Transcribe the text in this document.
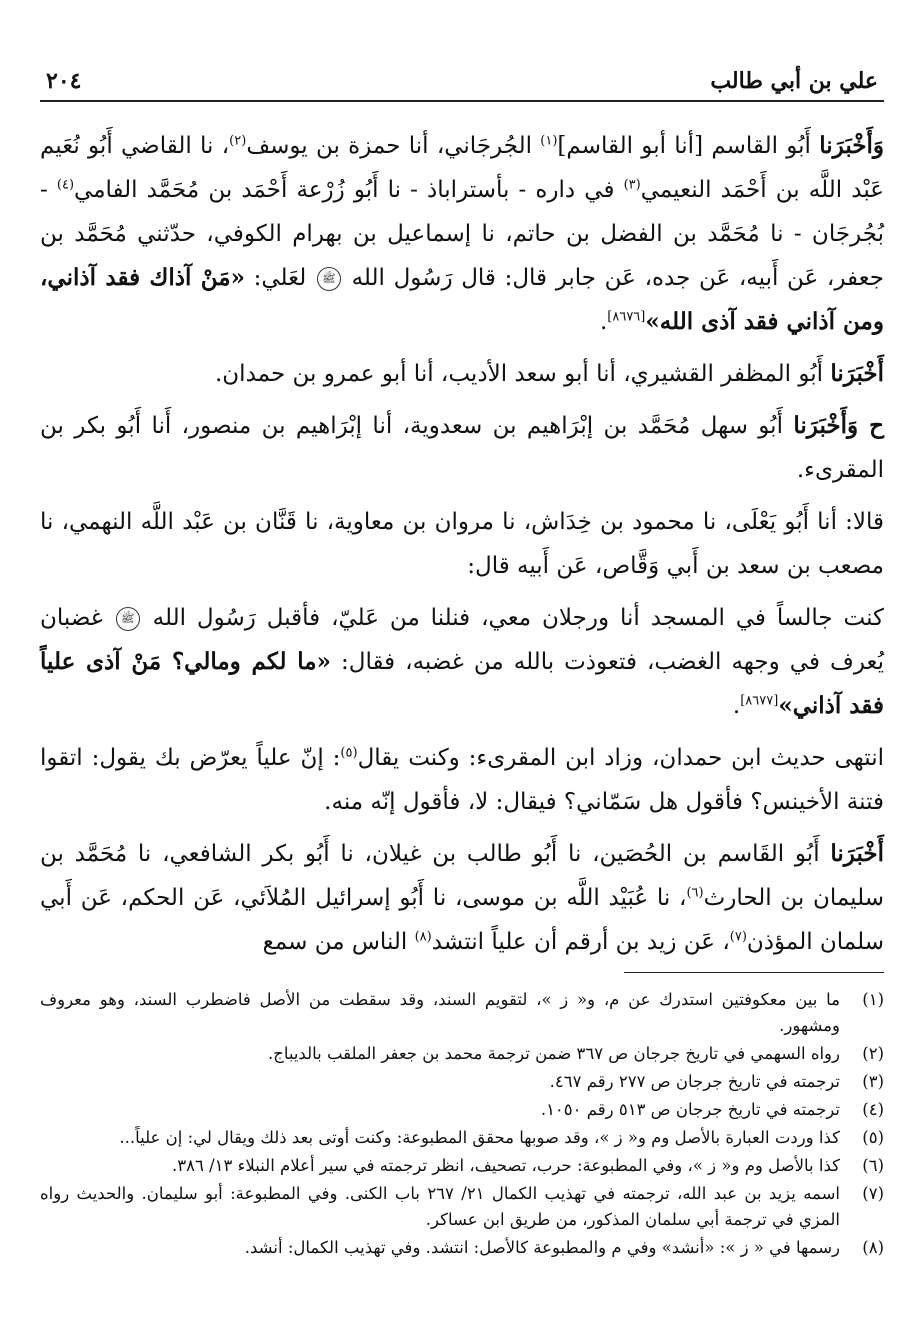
علي بن أبي طالب
٢٠٤

وَأَخْبَرَنا أَبُو القاسم [أنا أبو القاسم]$^{(١)}$ الجُرجَاني، أنا حمزة بن يوسف$^{(٢)}$، نا القاضي أَبُو نُعَيم عَبْد اللَّه بن أَحْمَد النعيمي$^{(٣)}$ في داره - بأستراباذ - نا أَبُو زُرْعة أَحْمَد بن مُحَمَّد الفامي$^{(٤)}$ - بُجُرجَان - نا مُحَمَّد بن الفضل بن حاتم، نا إسماعيل بن بهرام الكوفي، حدّثني مُحَمَّد بن جعفر، عَن أَبيه، عَن جده، عَن جابر قال: قال رَسُول الله ﷺ لعَلي: «مَنْ آذاك فقد آذاني، ومن آذاني فقد آذى الله»[٨٦٧٦].

أَخْبَرَنا أَبُو المظفر القشيري، أنا أبو سعد الأديب، أنا أبو عمرو بن حمدان.

ح وَأَخْبَرَنا أَبُو سهل مُحَمَّد بن إبْرَاهيم بن سعدوية، أنا إبْرَاهيم بن منصور، أَنا أَبُو بكر بن المقرىء.

قالا: أنا أَبُو يَعْلَى، نا محمود بن خِدَاش، نا مروان بن معاوية، نا قَنَّان بن عَبْد اللَّه النهمي، نا مصعب بن سعد بن أَبي وَقَّاص، عَن أَبيه قال:

كنت جالساً في المسجد أنا ورجلان معي، فنلنا من عَليّ، فأقبل رَسُول الله ﷺ غضبان يُعرف في وجهه الغضب، فتعوذت بالله من غضبه، فقال: «ما لكم ومالي؟ مَنْ آذى علياً فقد آذاني»[٨٦٧٧].

انتهى حديث ابن حمدان، وزاد ابن المقرىء: وكنت يقال$^{(٥)}$: إنّ علياً يعرّض بك يقول: اتقوا فتنة الأخينس؟ فأقول هل سَمّاني؟ فيقال: لا، فأقول إنّه منه.

أَخْبَرَنا أَبُو القَاسم بن الحُصَين، نا أَبُو طالب بن غيلان، نا أَبُو بكر الشافعي، نا مُحَمَّد بن سليمان بن الحارث$^{(٦)}$، نا عُبَيْد اللَّه بن موسى، نا أَبُو إسرائيل المُلاَئي، عَن الحكم، عَن أَبي سلمان المؤذن$^{(٧)}$، عَن زيد بن أرقم أن علياً انتشد$^{(٨)}$ الناس من سمع

(١)
ما بين معكوفتين استدرك عن م، و« ز »، لتقويم السند، وقد سقطت من الأصل فاضطرب السند، وهو معروف ومشهور.
(٢)
رواه السهمي في تاريخ جرجان ص ٣٦٧ ضمن ترجمة محمد بن جعفر الملقب بالديباج.
(٣)
ترجمته في تاريخ جرجان ص ٢٧٧ رقم ٤٦٧.
(٤)
ترجمته في تاريخ جرجان ص ٥١٣ رقم ١٠٥٠.
(٥)
كذا وردت العبارة بالأصل وم و« ز »، وقد صوبها محقق المطبوعة: وكنت أوتى بعد ذلك ويقال لي: إن علياً...
(٦)
كذا بالأصل وم و« ز »، وفي المطبوعة: حرب، تصحيف، انظر ترجمته في سير أعلام النبلاء ١٣/ ٣٨٦.
(٧)
اسمه يزيد بن عبد الله، ترجمته في تهذيب الكمال ٢١/ ٢٦٧ باب الكنى. وفي المطبوعة: أبو سليمان. والحديث رواه المزي في ترجمة أبي سلمان المذكور، من طريق ابن عساكر.
(٨)
رسمها في « ز »: «أنشد» وفي م والمطبوعة كالأصل: انتشد. وفي تهذيب الكمال: أنشد.
